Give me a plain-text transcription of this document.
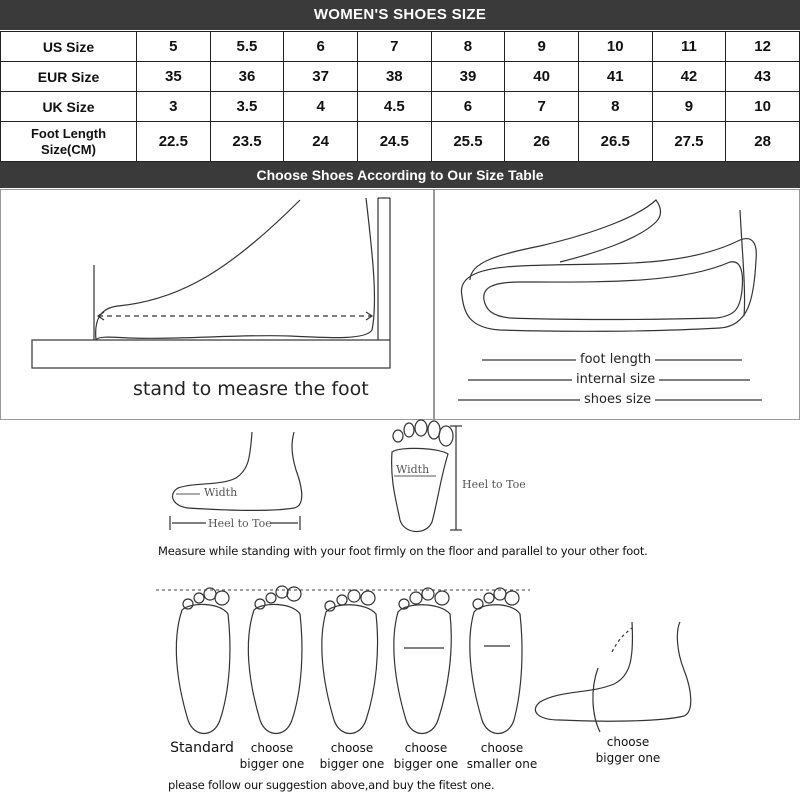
WOMEN'S SHOES SIZE
US Size	5	5.5	6	7	8	9	10	11	12
EUR Size	35	36	37	38	39	40	41	42	43
UK Size	3	3.5	4	4.5	6	7	8	9	10
Foot Length
Size(CM)	22.5	23.5	24	24.5	25.5	26	26.5	27.5	28
Choose Shoes According to Our Size Table
stand to measre the foot
foot length
internal size
shoes size
Width
Heel to Toe
Width
Heel to Toe
Measure while standing with your foot firmly on the floor and parallel to your other foot.
Standard	choose
bigger one
choose
bigger one
choose
bigger one
choose
smaller one
choose
bigger one
please follow our suggestion above,and buy the fitest one.
